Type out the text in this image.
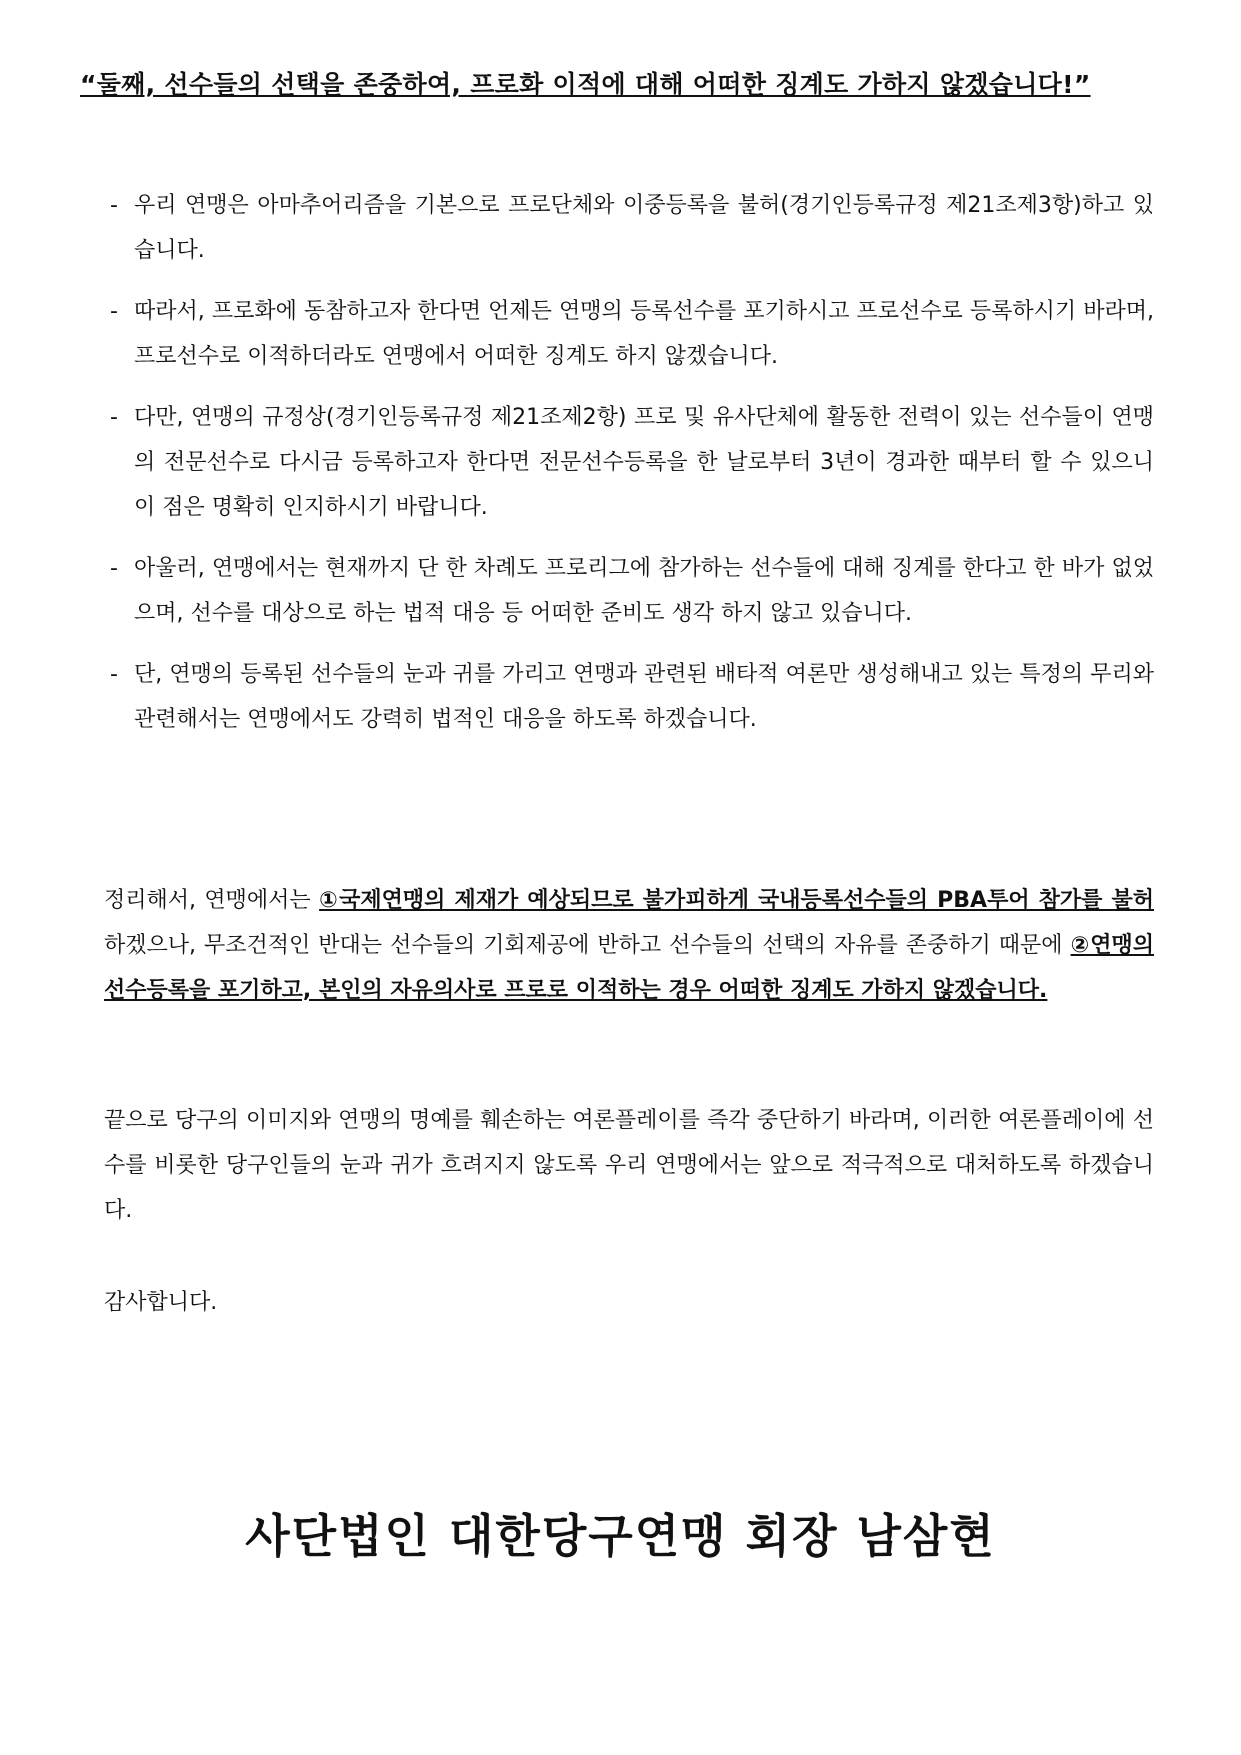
“둘째, 선수들의 선택을 존중하여, 프로화 이적에 대해 어떠한 징계도 가하지 않겠습니다!”
- 우리 연맹은 아마추어리즘을 기본으로 프로단체와 이중등록을 불허(경기인등록규정 제21조제3항)하고 있습니다.
- 따라서, 프로화에 동참하고자 한다면 언제든 연맹의 등록선수를 포기하시고 프로선수로 등록하시기 바라며, 프로선수로 이적하더라도 연맹에서 어떠한 징계도 하지 않겠습니다.
- 다만, 연맹의 규정상(경기인등록규정 제21조제2항) 프로 및 유사단체에 활동한 전력이 있는 선수들이 연맹의 전문선수로 다시금 등록하고자 한다면 전문선수등록을 한 날로부터 3년이 경과한 때부터 할 수 있으니 이 점은 명확히 인지하시기 바랍니다.
- 아울러, 연맹에서는 현재까지 단 한 차례도 프로리그에 참가하는 선수들에 대해 징계를 한다고 한 바가 없었으며, 선수를 대상으로 하는 법적 대응 등 어떠한 준비도 생각 하지 않고 있습니다.
- 단, 연맹의 등록된 선수들의 눈과 귀를 가리고 연맹과 관련된 배타적 여론만 생성해내고 있는 특정의 무리와 관련해서는 연맹에서도 강력히 법적인 대응을 하도록 하겠습니다.
정리해서, 연맹에서는 ①국제연맹의 제재가 예상되므로 불가피하게 국내등록선수들의 PBA투어 참가를 불허하겠으나, 무조건적인 반대는 선수들의 기회제공에 반하고 선수들의 선택의 자유를 존중하기 때문에 ②연맹의 선수등록을 포기하고, 본인의 자유의사로 프로로 이적하는 경우 어떠한 징계도 가하지 않겠습니다.
끝으로 당구의 이미지와 연맹의 명예를 훼손하는 여론플레이를 즉각 중단하기 바라며, 이러한 여론플레이에 선수를 비롯한 당구인들의 눈과 귀가 흐려지지 않도록 우리 연맹에서는 앞으로 적극적으로 대처하도록 하겠습니다.
감사합니다.
사단법인 대한당구연맹 회장 남삼현
